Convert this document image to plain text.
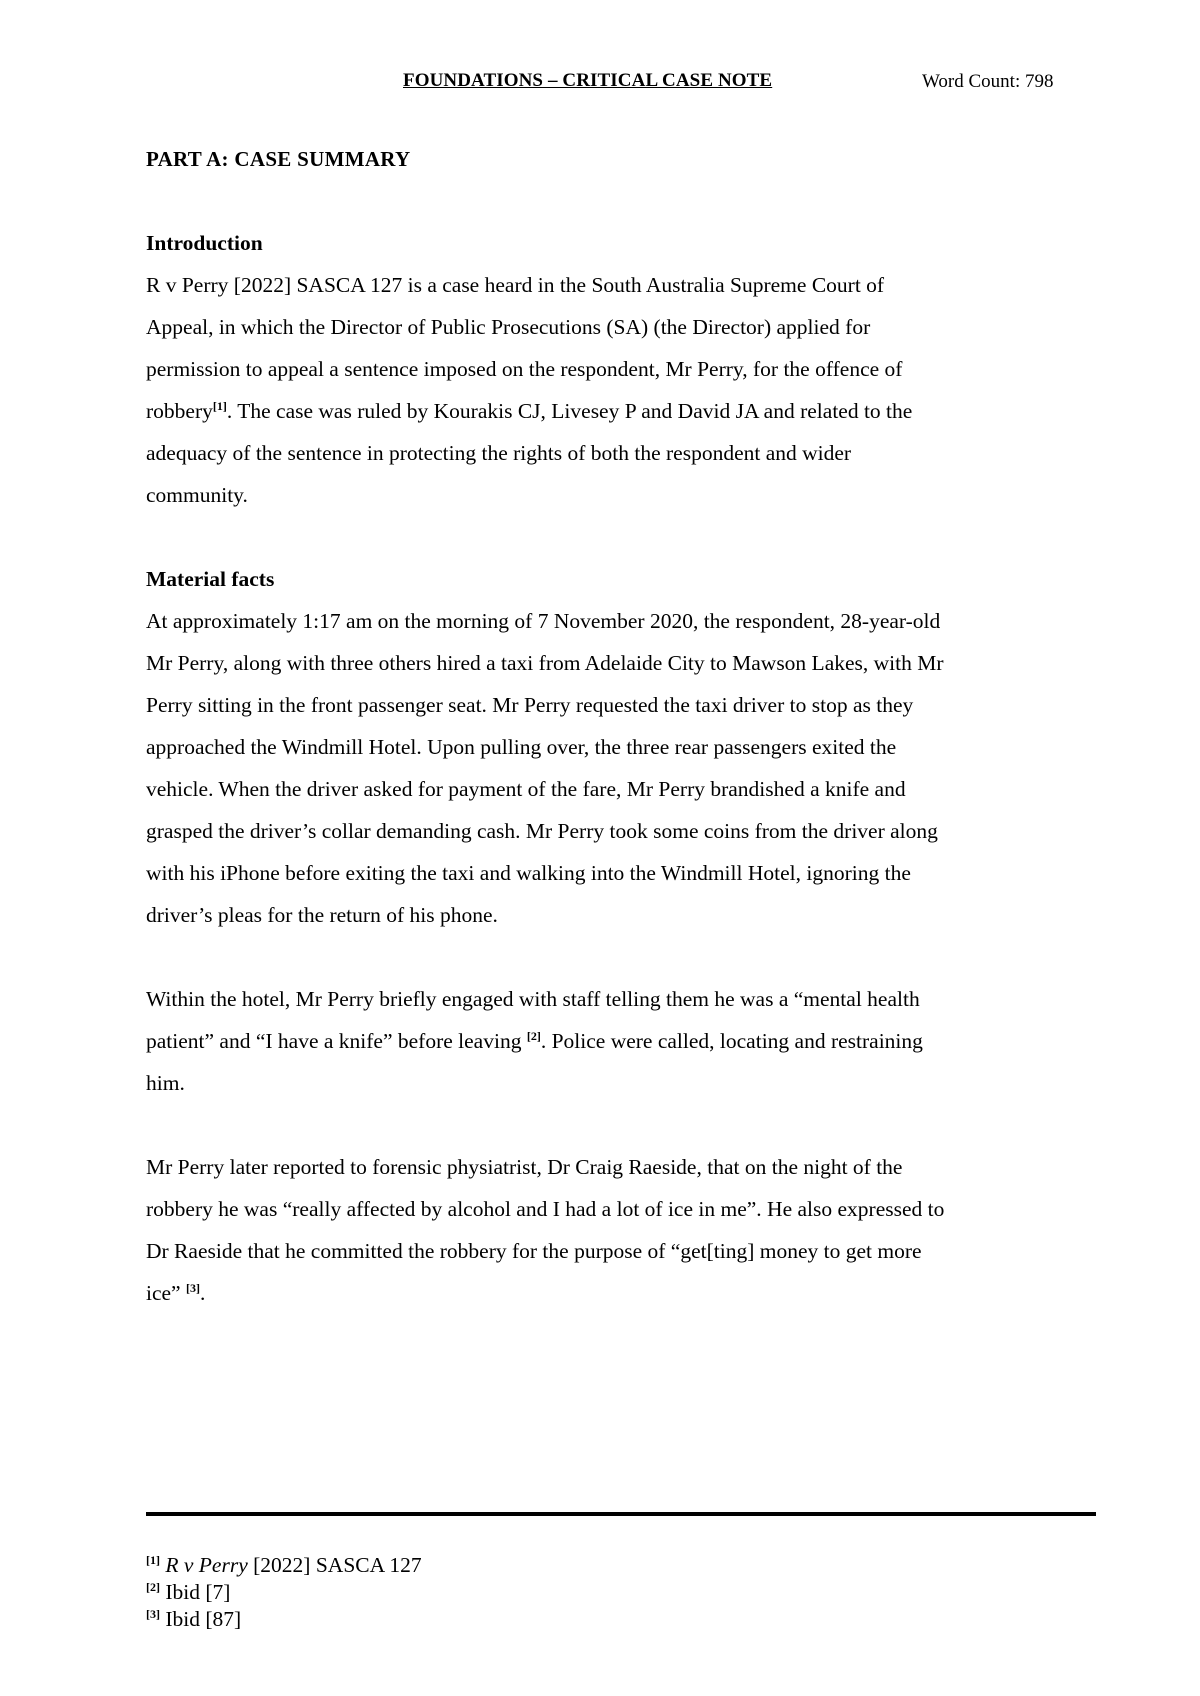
FOUNDATIONS – CRITICAL CASE NOTE	Word Count: 798
PART A: CASE SUMMARY
Introduction
R v Perry [2022] SASCA 127 is a case heard in the South Australia Supreme Court of
Appeal, in which the Director of Public Prosecutions (SA) (the Director) applied for
permission to appeal a sentence imposed on the respondent, Mr Perry, for the offence of
robbery[1]. The case was ruled by Kourakis CJ, Livesey P and David JA and related to the
adequacy of the sentence in protecting the rights of both the respondent and wider
community.
Material facts
At approximately 1:17 am on the morning of 7 November 2020, the respondent, 28-year-old
Mr Perry, along with three others hired a taxi from Adelaide City to Mawson Lakes, with Mr
Perry sitting in the front passenger seat. Mr Perry requested the taxi driver to stop as they
approached the Windmill Hotel. Upon pulling over, the three rear passengers exited the
vehicle. When the driver asked for payment of the fare, Mr Perry brandished a knife and
grasped the driver’s collar demanding cash. Mr Perry took some coins from the driver along
with his iPhone before exiting the taxi and walking into the Windmill Hotel, ignoring the
driver’s pleas for the return of his phone.
Within the hotel, Mr Perry briefly engaged with staff telling them he was a “mental health
patient” and “I have a knife” before leaving [2]. Police were called, locating and restraining
him.
Mr Perry later reported to forensic physiatrist, Dr Craig Raeside, that on the night of the
robbery he was “really affected by alcohol and I had a lot of ice in me”. He also expressed to
Dr Raeside that he committed the robbery for the purpose of “get[ting] money to get more
ice” [3].
[1] R v Perry [2022] SASCA 127
[2] Ibid [7]
[3] Ibid [87]
